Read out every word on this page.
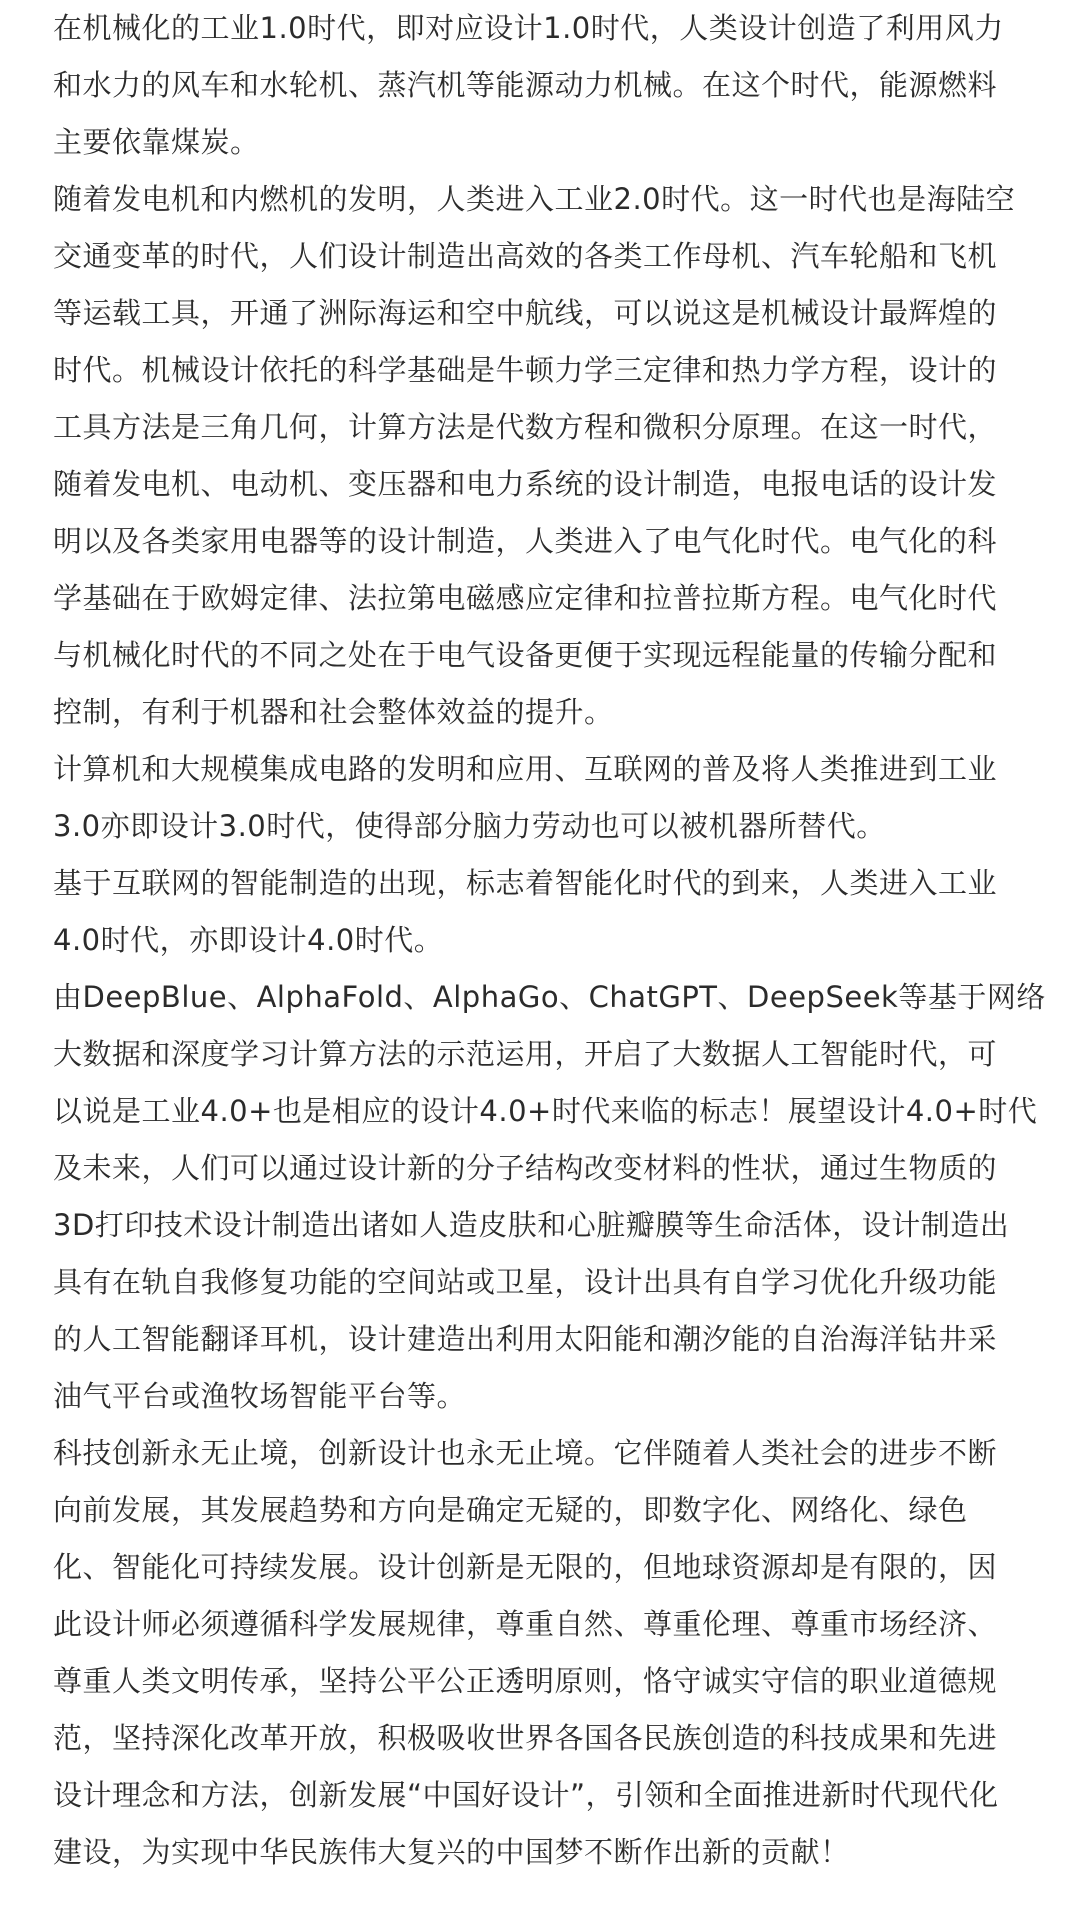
在机械化的工业1.0时代，即对应设计1.0时代，人类设计创造了利用风力
和水力的风车和水轮机、蒸汽机等能源动力机械。在这个时代，能源燃料
主要依靠煤炭。
随着发电机和内燃机的发明，人类进入工业2.0时代。这一时代也是海陆空
交通变革的时代，人们设计制造出高效的各类工作母机、汽车轮船和飞机
等运载工具，开通了洲际海运和空中航线，可以说这是机械设计最辉煌的
时代。机械设计依托的科学基础是牛顿力学三定律和热力学方程，设计的
工具方法是三角几何，计算方法是代数方程和微积分原理。在这一时代，
随着发电机、电动机、变压器和电力系统的设计制造，电报电话的设计发
明以及各类家用电器等的设计制造，人类进入了电气化时代。电气化的科
学基础在于欧姆定律、法拉第电磁感应定律和拉普拉斯方程。电气化时代
与机械化时代的不同之处在于电气设备更便于实现远程能量的传输分配和
控制，有利于机器和社会整体效益的提升。
计算机和大规模集成电路的发明和应用、互联网的普及将人类推进到工业
3.0亦即设计3.0时代，使得部分脑力劳动也可以被机器所替代。
基于互联网的智能制造的出现，标志着智能化时代的到来，人类进入工业
4.0时代，亦即设计4.0时代。
由DeepBlue、AlphaFold、AlphaGo、ChatGPT、DeepSeek等基于网络
大数据和深度学习计算方法的示范运用，开启了大数据人工智能时代，可
以说是工业4.0+也是相应的设计4.0+时代来临的标志！展望设计4.0+时代
及未来，人们可以通过设计新的分子结构改变材料的性状，通过生物质的
3D打印技术设计制造出诸如人造皮肤和心脏瓣膜等生命活体，设计制造出
具有在轨自我修复功能的空间站或卫星，设计出具有自学习优化升级功能
的人工智能翻译耳机，设计建造出利用太阳能和潮汐能的自治海洋钻井采
油气平台或渔牧场智能平台等。
科技创新永无止境，创新设计也永无止境。它伴随着人类社会的进步不断
向前发展，其发展趋势和方向是确定无疑的，即数字化、网络化、绿色
化、智能化可持续发展。设计创新是无限的，但地球资源却是有限的，因
此设计师必须遵循科学发展规律，尊重自然、尊重伦理、尊重市场经济、
尊重人类文明传承，坚持公平公正透明原则，恪守诚实守信的职业道德规
范，坚持深化改革开放，积极吸收世界各国各民族创造的科技成果和先进
设计理念和方法，创新发展“中国好设计”，引领和全面推进新时代现代化
建设，为实现中华民族伟大复兴的中国梦不断作出新的贡献！
